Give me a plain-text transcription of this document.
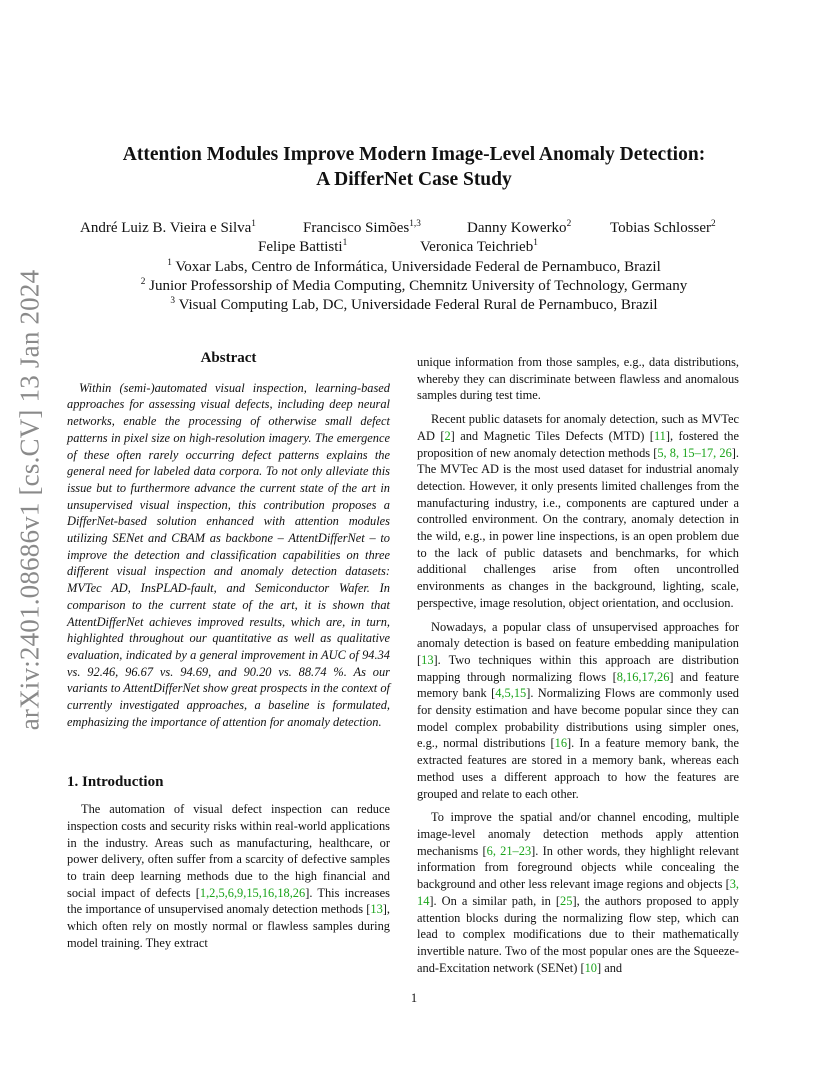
arXiv:2401.08686v1 [cs.CV] 13 Jan 2024
Attention Modules Improve Modern Image-Level Anomaly Detection:
A DifferNet Case Study
André Luiz B. Vieira e Silva$^1$	Francisco Simões$^{1,3}$	Danny Kowerko$^2$	Tobias Schlosser$^2$
Felipe Battisti$^1$	Veronica Teichrieb$^1$
$^1$ Voxar Labs, Centro de Informática, Universidade Federal de Pernambuco, Brazil
$^2$ Junior Professorship of Media Computing, Chemnitz University of Technology, Germany
$^3$ Visual Computing Lab, DC, Universidade Federal Rural de Pernambuco, Brazil
Abstract

Within (semi-)automated visual inspection, learning-based approaches for assessing visual defects, including deep neural networks, enable the processing of otherwise small defect patterns in pixel size on high-resolution imagery. The emergence of these often rarely occurring defect patterns explains the general need for labeled data corpora. To not only alleviate this issue but to furthermore advance the current state of the art in unsupervised visual inspection, this contribution proposes a DifferNet-based solution enhanced with attention modules utilizing SENet and CBAM as backbone – AttentDifferNet – to improve the detection and classification capabilities on three different visual inspection and anomaly detection datasets: MVTec AD, InsPLAD-fault, and Semiconductor Wafer. In comparison to the current state of the art, it is shown that AttentDifferNet achieves improved results, which are, in turn, highlighted throughout our quantitative as well as qualitative evaluation, indicated by a general improvement in AUC of 94.34 vs. 92.46, 96.67 vs. 94.69, and 90.20 vs. 88.74 %. As our variants to AttentDifferNet show great prospects in the context of currently investigated approaches, a baseline is formulated, emphasizing the importance of attention for anomaly detection.

1. Introduction

The automation of visual defect inspection can reduce inspection costs and security risks within real-world applications in the industry. Areas such as manufacturing, healthcare, or power delivery, often suffer from a scarcity of defective samples to train deep learning methods due to the high financial and social impact of defects [1,2,5,6,9,15,16,18,26]. This increases the importance of unsupervised anomaly detection methods [13], which often rely on mostly normal or flawless samples during model training. They extract

unique information from those samples, e.g., data distributions, whereby they can discriminate between flawless and anomalous samples during test time.

Recent public datasets for anomaly detection, such as MVTec AD [2] and Magnetic Tiles Defects (MTD) [11], fostered the proposition of new anomaly detection methods [5, 8, 15–17, 26]. The MVTec AD is the most used dataset for industrial anomaly detection. However, it only presents limited challenges from the manufacturing industry, i.e., components are captured under a controlled environment. On the contrary, anomaly detection in the wild, e.g., in power line inspections, is an open problem due to the lack of public datasets and benchmarks, for which additional challenges arise from often uncontrolled environments as changes in the background, lighting, scale, perspective, image resolution, object orientation, and occlusion.

Nowadays, a popular class of unsupervised approaches for anomaly detection is based on feature embedding manipulation [13]. Two techniques within this approach are distribution mapping through normalizing flows [8,16,17,26] and feature memory bank [4,5,15]. Normalizing Flows are commonly used for density estimation and have become popular since they can model complex probability distributions using simpler ones, e.g., normal distributions [16]. In a feature memory bank, the extracted features are stored in a memory bank, whereas each method uses a different approach to how the features are grouped and relate to each other.

To improve the spatial and/or channel encoding, multiple image-level anomaly detection methods apply attention mechanisms [6, 21–23]. In other words, they highlight relevant information from foreground objects while concealing the background and other less relevant image regions and objects [3, 14]. On a similar path, in [25], the authors proposed to apply attention blocks during the normalizing flow step, which can lead to complex modifications due to their mathematically invertible nature. Two of the most popular ones are the Squeeze-and-Excitation network (SENet) [10] and

1
